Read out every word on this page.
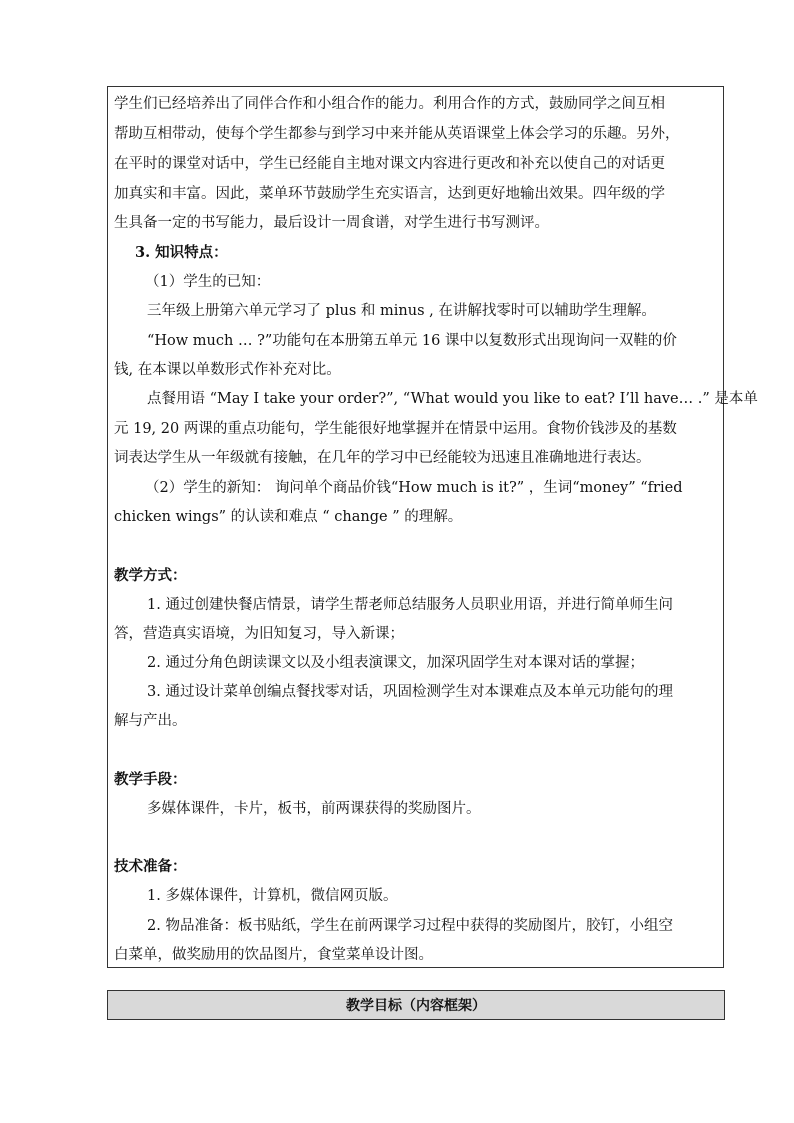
学生们已经培养出了同伴合作和小组合作的能力。利用合作的方式，鼓励同学之间互相
帮助互相带动，使每个学生都参与到学习中来并能从英语课堂上体会学习的乐趣。另外，
在平时的课堂对话中，学生已经能自主地对课文内容进行更改和补充以使自己的对话更
加真实和丰富。因此，菜单环节鼓励学生充实语言，达到更好地输出效果。四年级的学
生具备一定的书写能力，最后设计一周食谱，对学生进行书写测评。
3. 知识特点：
（1）学生的已知：
三年级上册第六单元学习了 plus 和 minus , 在讲解找零时可以辅助学生理解。
“How much … ?”功能句在本册第五单元 16 课中以复数形式出现询问一双鞋的价
钱, 在本课以单数形式作补充对比。
点餐用语 “May I take your order?”, “What would you like to eat? I’ll have… .” 是本单
元 19, 20 两课的重点功能句，学生能很好地掌握并在情景中运用。食物价钱涉及的基数
词表达学生从一年级就有接触，在几年的学习中已经能较为迅速且准确地进行表达。
（2）学生的新知： 询问单个商品价钱“How much is it?” ，生词“money” “fried
chicken wings” 的认读和难点 “ change ” 的理解。
教学方式：
1. 通过创建快餐店情景，请学生帮老师总结服务人员职业用语，并进行简单师生问
答，营造真实语境，为旧知复习，导入新课；
2. 通过分角色朗读课文以及小组表演课文，加深巩固学生对本课对话的掌握；
3. 通过设计菜单创编点餐找零对话，巩固检测学生对本课难点及本单元功能句的理
解与产出。
教学手段：
多媒体课件，卡片，板书，前两课获得的奖励图片。
技术准备：
1. 多媒体课件，计算机，微信网页版。
2. 物品准备：板书贴纸，学生在前两课学习过程中获得的奖励图片，胶钉，小组空
白菜单，做奖励用的饮品图片，食堂菜单设计图。
教学目标（内容框架）
